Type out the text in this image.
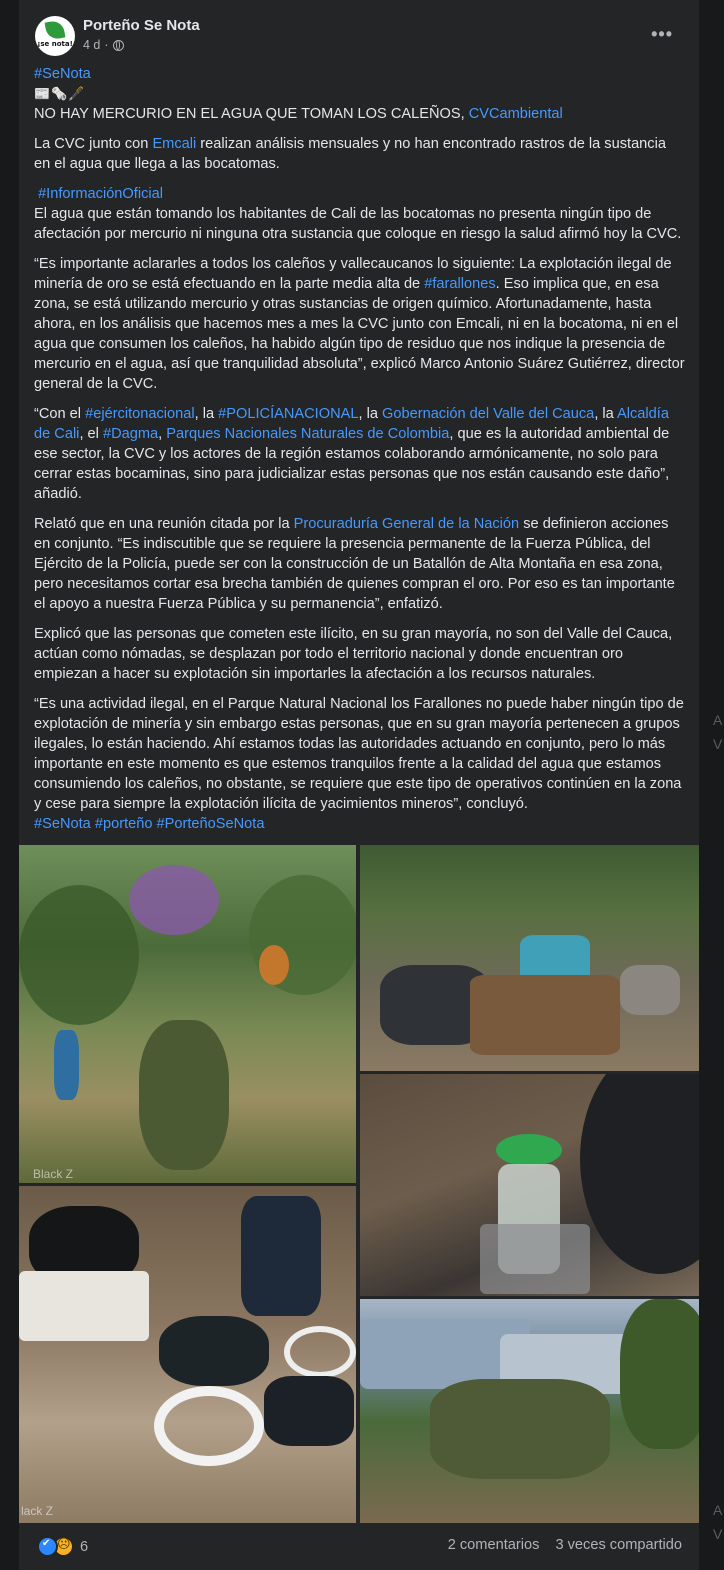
¡se nota!
Porteño Se Nota
4 d ·
•••
#SeNota
📰🗞️🖋️

NO HAY MERCURIO EN EL AGUA QUE TOMAN LOS CALEÑOS, CVCambiental

La CVC junto con Emcali realizan análisis mensuales y no han encontrado rastros de la sustancia en el agua que llega a las bocatomas.

#InformaciónOficial

El agua que están tomando los habitantes de Cali de las bocatomas no presenta ningún tipo de afectación por mercurio ni ninguna otra sustancia que coloque en riesgo la salud afirmó hoy la CVC.

“Es importante aclararles a todos los caleños y vallecaucanos lo siguiente: La explotación ilegal de minería de oro se está efectuando en la parte media alta de #farallones. Eso implica que, en esa zona, se está utilizando mercurio y otras sustancias de origen químico. Afortunadamente, hasta ahora, en los análisis que hacemos mes a mes la CVC junto con Emcali, ni en la bocatoma, ni en el agua que consumen los caleños, ha habido algún tipo de residuo que nos indique la presencia de mercurio en el agua, así que tranquilidad absoluta”, explicó Marco Antonio Suárez Gutiérrez, director general de la CVC.

“Con el #ejércitonacional, la #POLICÍANACIONAL, la Gobernación del Valle del Cauca, la Alcaldía de Cali, el #Dagma, Parques Nacionales Naturales de Colombia, que es la autoridad ambiental de ese sector, la CVC y los actores de la región estamos colaborando armónicamente, no solo para cerrar estas bocaminas, sino para judicializar estas personas que nos están causando este daño”, añadió.

Relató que en una reunión citada por la Procuraduría General de la Nación se definieron acciones en conjunto. “Es indiscutible que se requiere la presencia permanente de la Fuerza Pública, del Ejército de la Policía, puede ser con la construcción de un Batallón de Alta Montaña en esa zona, pero necesitamos cortar esa brecha también de quienes compran el oro. Por eso es tan importante el apoyo a nuestra Fuerza Pública y su permanencia”, enfatizó.

Explicó que las personas que cometen este ilícito, en su gran mayoría, no son del Valle del Cauca, actúan como nómadas, se desplazan por todo el territorio nacional y donde encuentran oro empiezan a hacer su explotación sin importarles la afectación a los recursos naturales.

“Es una actividad ilegal, en el Parque Natural Nacional los Farallones no puede haber ningún tipo de explotación de minería y sin embargo estas personas, que en su gran mayoría pertenecen a grupos ilegales, lo están haciendo. Ahí estamos todas las autoridades actuando en conjunto, pero lo más importante en este momento es que estemos tranquilos frente a la calidad del agua que estamos consumiendo los caleños, no obstante, se requiere que este tipo de operativos continúen en la zona y cese para siempre la explotación ilícita de yacimientos mineros”, concluyó.
#SeNota #porteño #PorteñoSeNota

Black Z
lack Z
✔
☹
6	2 comentarios 3 veces compartido
A
V
A
V
